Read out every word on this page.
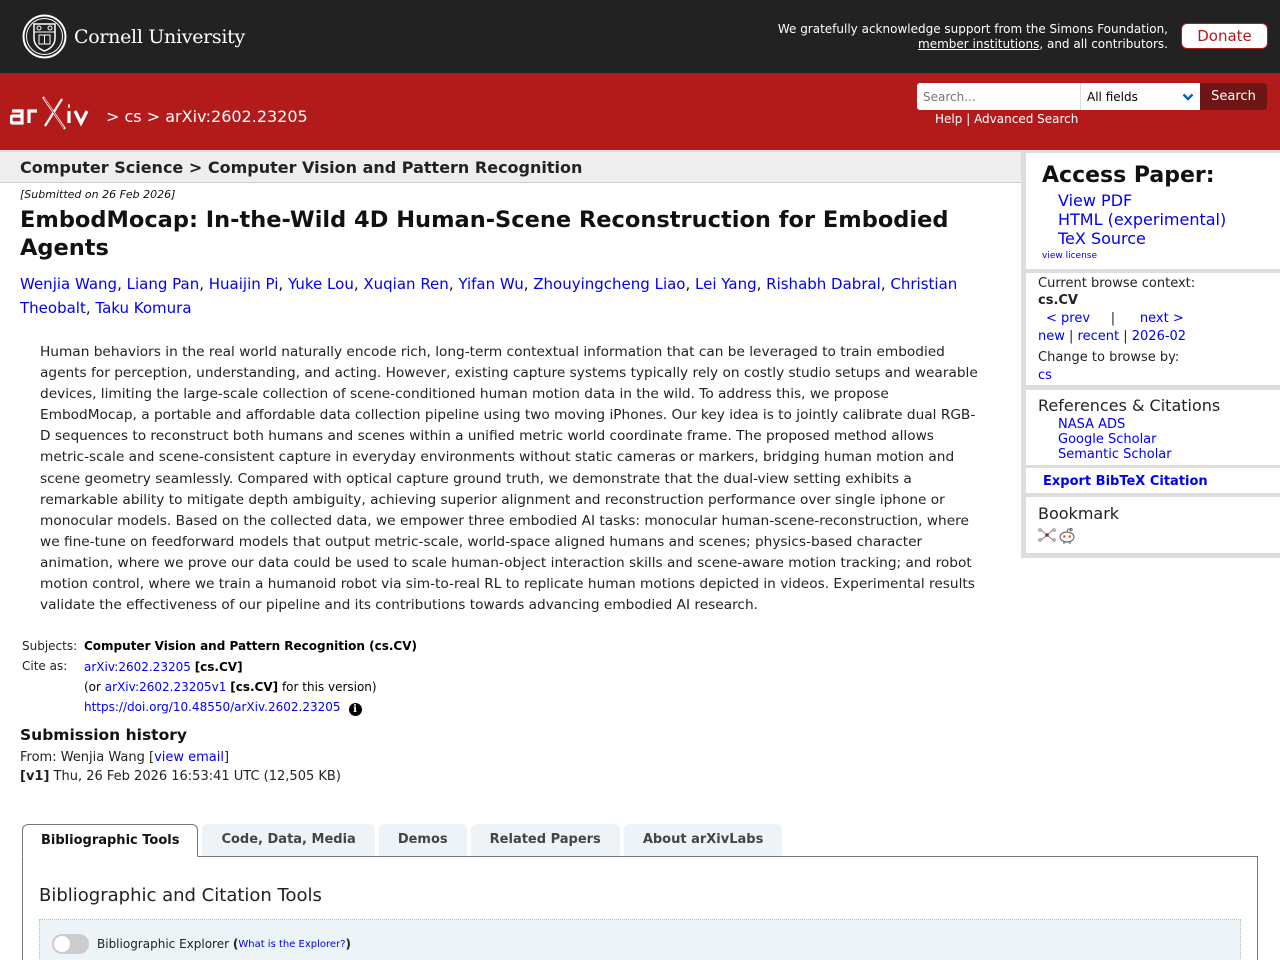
Cornell University	We gratefully acknowledge support from the Simons Foundation,
member institutions, and all contributors.	Donate
> cs > arXiv:2602.23205
Search...
All fields	Search
Help | Advanced Search
Computer Science > Computer Vision and Pattern Recognition
[Submitted on 26 Feb 2026]
EmbodMocap: In-the-Wild 4D Human-Scene Reconstruction for Embodied Agents
Wenjia Wang, Liang Pan, Huaijin Pi, Yuke Lou, Xuqian Ren, Yifan Wu, Zhouyingcheng Liao, Lei Yang, Rishabh Dabral, Christian Theobalt, Taku Komura
Human behaviors in the real world naturally encode rich, long-term contextual information that can be leveraged to train embodied agents for perception, understanding, and acting. However, existing capture systems typically rely on costly studio setups and wearable devices, limiting the large-scale collection of scene-conditioned human motion data in the wild. To address this, we propose EmbodMocap, a portable and affordable data collection pipeline using two moving iPhones. Our key idea is to jointly calibrate dual RGB-D sequences to reconstruct both humans and scenes within a unified metric world coordinate frame. The proposed method allows metric-scale and scene-consistent capture in everyday environments without static cameras or markers, bridging human motion and scene geometry seamlessly. Compared with optical capture ground truth, we demonstrate that the dual-view setting exhibits a remarkable ability to mitigate depth ambiguity, achieving superior alignment and reconstruction performance over single iphone or monocular models. Based on the collected data, we empower three embodied AI tasks: monocular human-scene-reconstruction, where we fine-tune on feedforward models that output metric-scale, world-space aligned humans and scenes; physics-based character animation, where we prove our data could be used to scale human-object interaction skills and scene-aware motion tracking; and robot motion control, where we train a humanoid robot via sim-to-real RL to replicate human motions depicted in videos. Experimental results validate the effectiveness of our pipeline and its contributions towards advancing embodied AI research.
Subjects:	Computer Vision and Pattern Recognition (cs.CV)
Cite as:	arXiv:2602.23205 [cs.CV]
(or arXiv:2602.23205v1 [cs.CV] for this version)
https://doi.org/10.48550/arXiv.2602.23205 i
Submission history
From: Wenjia Wang [view email]
[v1] Thu, 26 Feb 2026 16:53:41 UTC (12,505 KB)
Access Paper:
View PDF
HTML (experimental)
TeX Source
view license
Current browse context:
cs.CV
< prev | next >
new | recent | 2026-02
Change to browse by:
cs
References & Citations
NASA ADS
Google Scholar
Semantic Scholar
Export BibTeX Citation
Bookmark
Bibliographic Tools	Code, Data, Media	Demos	Related Papers	About arXivLabs
Bibliographic and Citation Tools
Bibliographic Explorer
( What is the Explorer? )
